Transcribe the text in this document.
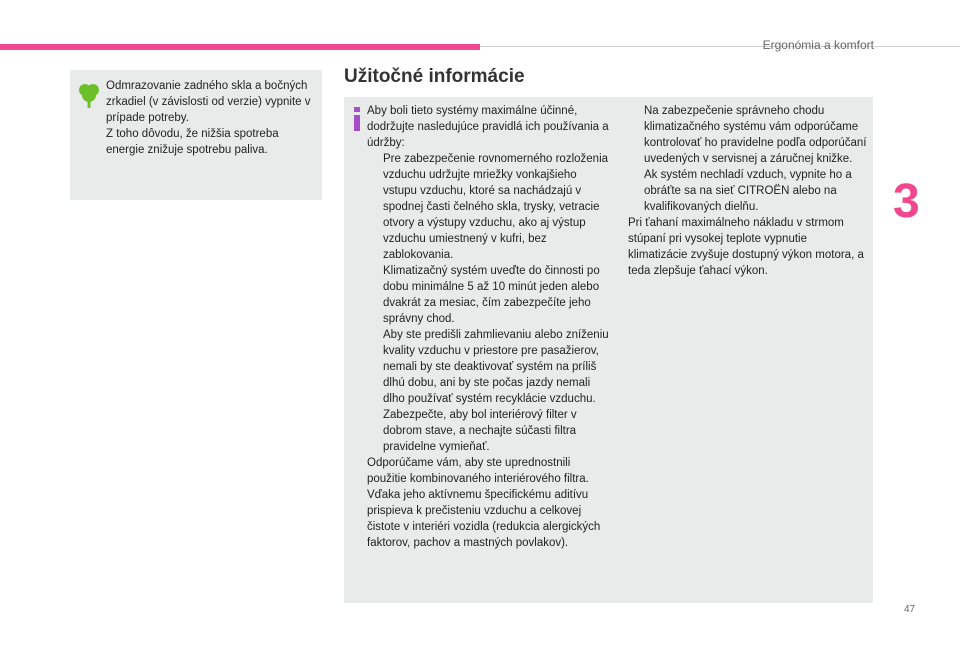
Ergonómia a komfort
3
47

Odmrazovanie zadného skla a bočných zrkadiel (v závislosti od verzie) vypnite v prípade potreby.

Z toho dôvodu, že nižšia spotreba energie znižuje spotrebu paliva.

Užitočné informácie

Aby boli tieto systémy maximálne účinné, dodržujte nasledujúce pravidlá ich používania a údržby:

Pre zabezpečenie rovnomerného rozloženia vzduchu udržujte mriežky vonkajšieho vstupu vzduchu, ktoré sa nachádzajú v spodnej časti čelného skla, trysky, vetracie otvory a výstupy vzduchu, ako aj výstup vzduchu umiestnený v kufri, bez zablokovania.
Klimatizačný systém uveďte do činnosti po dobu minimálne 5 až 10 minút jeden alebo dvakrát za mesiac, čím zabezpečíte jeho správny chod.
Aby ste predišli zahmlievaniu alebo zníženiu kvality vzduchu v priestore pre pasažierov, nemali by ste deaktivovať systém na príliš dlhú dobu, ani by ste počas jazdy nemali dlho používať systém recyklácie vzduchu.
Zabezpečte, aby bol interiérový filter v dobrom stave, a nechajte súčasti filtra pravidelne vymieňať.

Odporúčame vám, aby ste uprednostnili použitie kombinovaného interiérového filtra. Vďaka jeho aktívnemu špecifickému aditívu prispieva k prečisteniu vzduchu a celkovej čistote v interiéri vozidla (redukcia alergických faktorov, pachov a mastných povlakov).

Na zabezpečenie správneho chodu klimatizačného systému vám odporúčame kontrolovať ho pravidelne podľa odporúčaní uvedených v servisnej a záručnej knižke.
Ak systém nechladí vzduch, vypnite ho a obráťte sa na sieť CITROËN alebo na kvalifikovaných dielňu.

Pri ťahaní maximálneho nákladu v strmom stúpaní pri vysokej teplote vypnutie klimatizácie zvyšuje dostupný výkon motora, a teda zlepšuje ťahací výkon.
